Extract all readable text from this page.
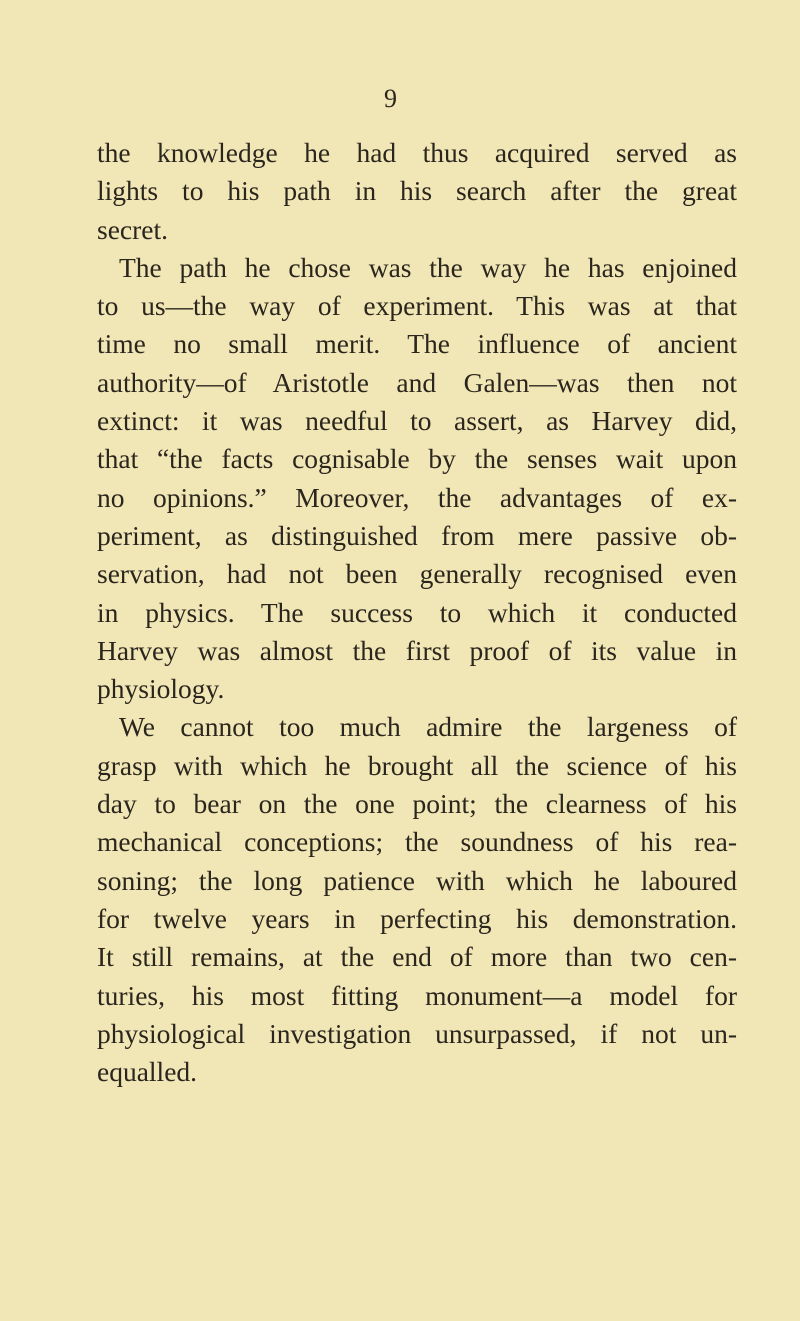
9
the knowledge he had thus acquired served as
lights to his path in his search after the great
secret.
The path he chose was the way he has enjoined
to us—the way of experiment. This was at that
time no small merit. The influence of ancient
authority—of Aristotle and Galen—was then not
extinct: it was needful to assert, as Harvey did,
that “the facts cognisable by the senses wait upon
no opinions.” Moreover, the advantages of ex-
periment, as distinguished from mere passive ob-
servation, had not been generally recognised even
in physics. The success to which it conducted
Harvey was almost the first proof of its value in
physiology.
We cannot too much admire the largeness of
grasp with which he brought all the science of his
day to bear on the one point; the clearness of his
mechanical conceptions; the soundness of his rea-
soning; the long patience with which he laboured
for twelve years in perfecting his demonstration.
It still remains, at the end of more than two cen-
turies, his most fitting monument—a model for
physiological investigation unsurpassed, if not un-
equalled.
